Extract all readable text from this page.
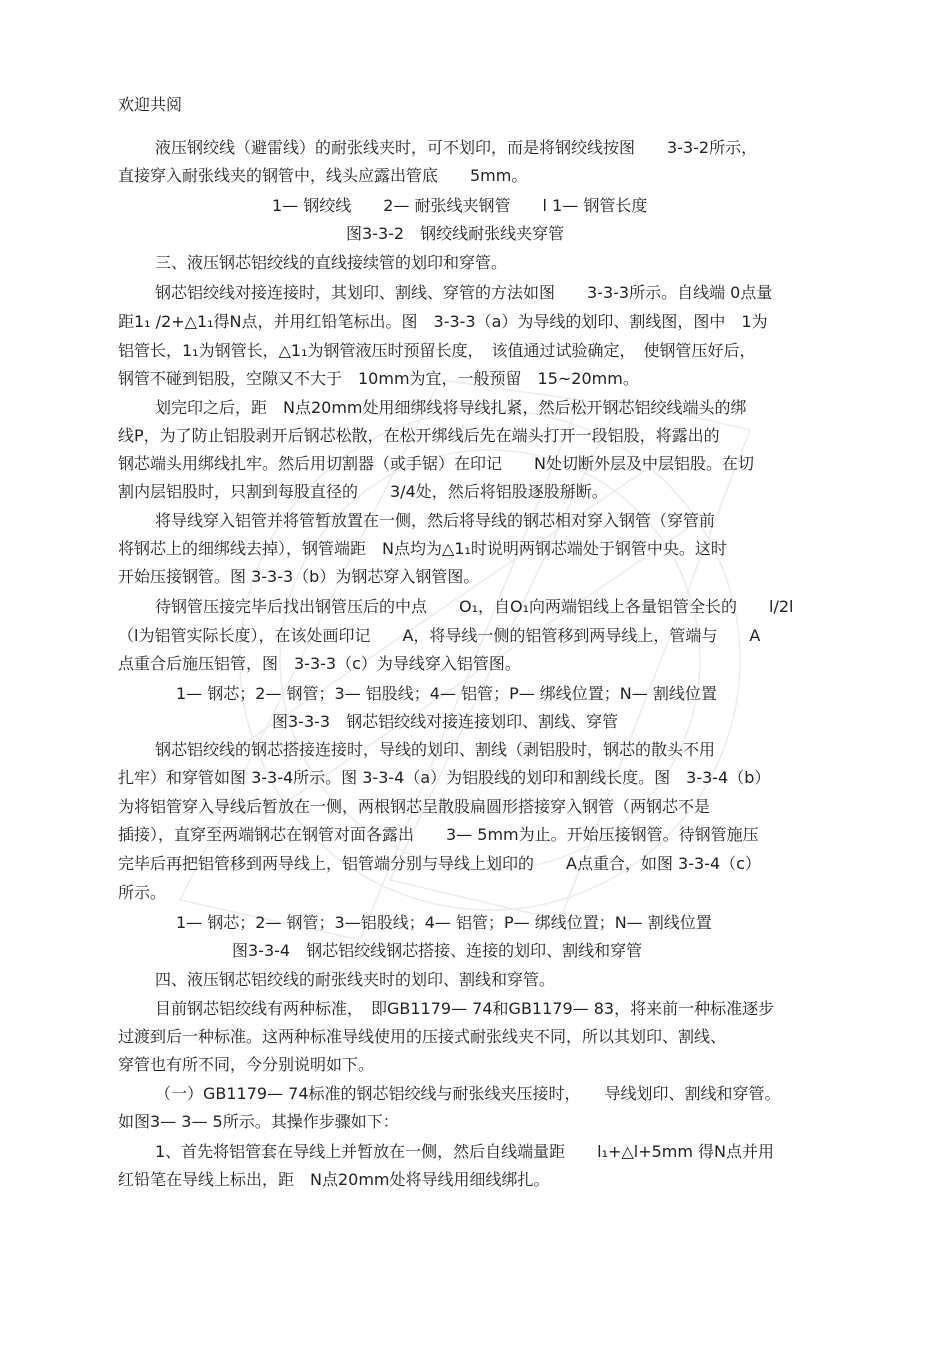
欢迎共阅
液压钢绞线（避雷线）的耐张线夹时，可不划印，而是将钢绞线按图　　3-3-2所示，
直接穿入耐张线夹的钢管中，线头应露出管底　　5mm。
1— 钢绞线　　2— 耐张线夹钢管　　l 1— 钢管长度
图3-3-2　钢绞线耐张线夹穿管
三、液压钢芯铝绞线的直线接续管的划印和穿管。
钢芯铝绞线对接连接时，其划印、割线、穿管的方法如图　　3-3-3所示。自线端 0点量
距1₁ /2+△1₁得N点，并用红铅笔标出。图　3-3-3（a）为导线的划印、割线图，图中　1为
铝管长，1₁为钢管长，△1₁为钢管液压时预留长度，　该值通过试验确定，　使钢管压好后，
钢管不碰到铝股，空隙又不大于　10mm为宜，一般预留　15~20mm。
划完印之后，距　N点20mm处用细绑线将导线扎紧，然后松开钢芯铝绞线端头的绑
线P，为了防止铝股剥开后钢芯松散，在松开绑线后先在端头打开一段铝股，将露出的
钢芯端头用绑线扎牢。然后用切割器（或手锯）在印记　　N处切断外层及中层铝股。在切
割内层铝股时，只割到每股直径的　　3/4处，然后将铝股逐股掰断。
将导线穿入铝管并将管暂放置在一侧，然后将导线的钢芯相对穿入钢管（穿管前
将钢芯上的细绑线去掉），钢管端距　N点均为△1₁时说明两钢芯端处于钢管中央。这时
开始压接钢管。图 3-3-3（b）为钢芯穿入钢管图。
待钢管压接完毕后找出钢管压后的中点　　O₁，自O₁向两端铝线上各量铝管全长的　　l/2l
（l为铝管实际长度），在该处画印记　　A，将导线一侧的铝管移到两导线上，管端与　　A
点重合后施压铝管，图　3-3-3（c）为导线穿入铝管图。
1— 钢芯；2— 钢管；3— 铝股线；4— 铝管；P— 绑线位置；N— 割线位置
图3-3-3　钢芯铝绞线对接连接划印、割线、穿管
钢芯铝绞线的钢芯搭接连接时，导线的划印、割线（剥铝股时，钢芯的散头不用
扎牢）和穿管如图 3-3-4所示。图 3-3-4（a）为铝股线的划印和割线长度。图　3-3-4（b）
为将铝管穿入导线后暂放在一侧，两根钢芯呈散股扁圆形搭接穿入钢管（两钢芯不是
插接），直穿至两端钢芯在钢管对面各露出　　3— 5mm为止。开始压接钢管。待钢管施压
完毕后再把铝管移到两导线上，铝管端分别与导线上划印的　　A点重合，如图 3-3-4（c）
所示。
1— 钢芯；2— 钢管；3—铝股线；4— 铝管；P— 绑线位置；N— 割线位置
图3-3-4　钢芯铝绞线钢芯搭接、连接的划印、割线和穿管
四、液压钢芯铝绞线的耐张线夹时的划印、割线和穿管。
目前钢芯铝绞线有两种标准，　即GB1179— 74和GB1179— 83，将来前一种标准逐步
过渡到后一种标准。这两种标准导线使用的压接式耐张线夹不同，所以其划印、割线、
穿管也有所不同，今分别说明如下。
（一）GB1179— 74标准的钢芯铝绞线与耐张线夹压接时，　　导线划印、割线和穿管。
如图3— 3— 5所示。其操作步骤如下：
1、首先将铝管套在导线上并暂放在一侧，然后自线端量距　　l₁+△l+5mm 得N点并用
红铅笔在导线上标出，距　N点20mm处将导线用细线绑扎。
